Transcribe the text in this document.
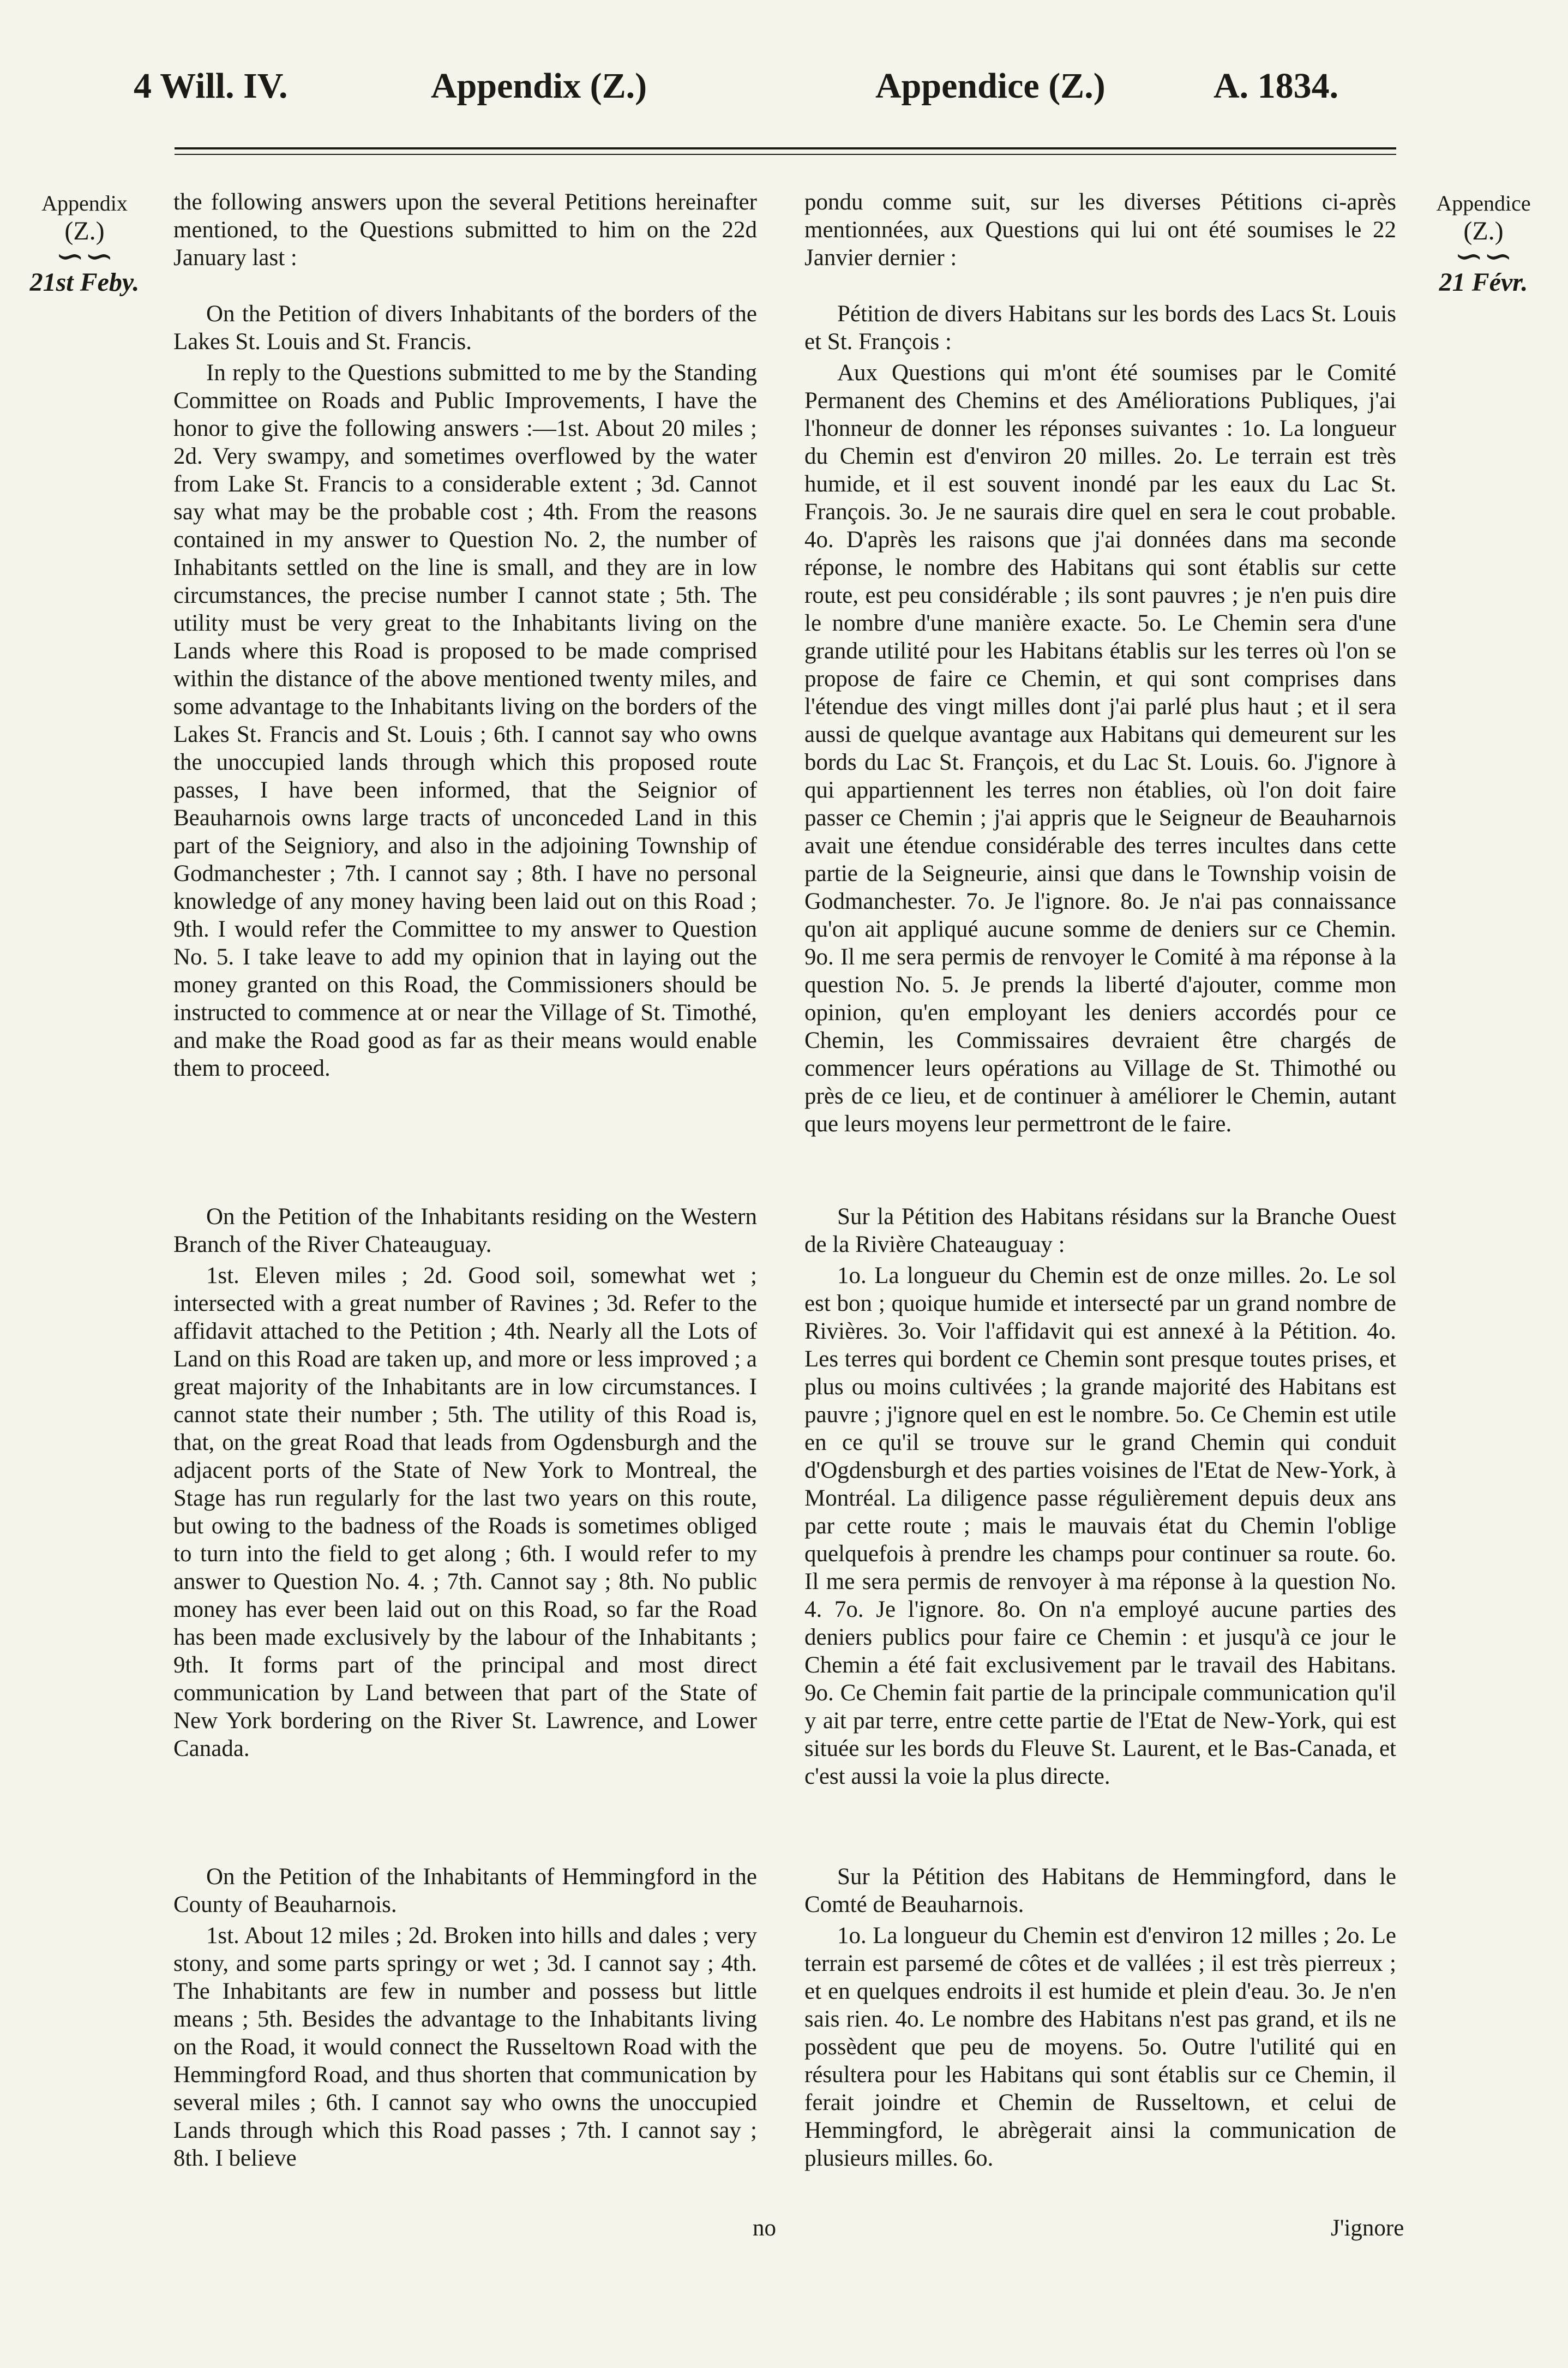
4 Will. IV.	Appendix (Z.)	Appendice (Z.)	A. 1834.
Appendix
(Z.)
∽∽
21st Feby.
Appendice
(Z.)
∽∽
21 Févr.

the following answers upon the several Petitions hereinafter mentioned, to the Questions submitted to him on the 22d January last :

On the Petition of divers Inhabitants of the borders of the Lakes St. Louis and St. Francis.

In reply to the Questions submitted to me by the Standing Committee on Roads and Public Improvements, I have the honor to give the following answers :—1st. About 20 miles ; 2d. Very swampy, and sometimes overflowed by the water from Lake St. Francis to a considerable extent ; 3d. Cannot say what may be the probable cost ; 4th. From the reasons contained in my answer to Question No. 2, the number of Inhabitants settled on the line is small, and they are in low circumstances, the precise number I cannot state ; 5th. The utility must be very great to the Inhabitants living on the Lands where this Road is proposed to be made comprised within the distance of the above mentioned twenty miles, and some advantage to the Inhabitants living on the borders of the Lakes St. Francis and St. Louis ; 6th. I cannot say who owns the unoccupied lands through which this proposed route passes, I have been informed, that the Seignior of Beauharnois owns large tracts of unconceded Land in this part of the Seigniory, and also in the adjoining Township of Godmanchester ; 7th. I cannot say ; 8th. I have no personal knowledge of any money having been laid out on this Road ; 9th. I would refer the Committee to my answer to Question No. 5. I take leave to add my opinion that in laying out the money granted on this Road, the Commissioners should be instructed to commence at or near the Village of St. Timothé, and make the Road good as far as their means would enable them to proceed.

On the Petition of the Inhabitants residing on the Western Branch of the River Chateauguay.

1st. Eleven miles ; 2d. Good soil, somewhat wet ; intersected with a great number of Ravines ; 3d. Refer to the affidavit attached to the Petition ; 4th. Nearly all the Lots of Land on this Road are taken up, and more or less improved ; a great majority of the Inhabitants are in low circumstances. I cannot state their number ; 5th. The utility of this Road is, that, on the great Road that leads from Ogdensburgh and the adjacent ports of the State of New York to Montreal, the Stage has run regularly for the last two years on this route, but owing to the badness of the Roads is sometimes obliged to turn into the field to get along ; 6th. I would refer to my answer to Question No. 4. ; 7th. Cannot say ; 8th. No public money has ever been laid out on this Road, so far the Road has been made exclusively by the labour of the Inhabitants ; 9th. It forms part of the principal and most direct communication by Land between that part of the State of New York bordering on the River St. Lawrence, and Lower Canada.

On the Petition of the Inhabitants of Hemmingford in the County of Beauharnois.

1st. About 12 miles ; 2d. Broken into hills and dales ; very stony, and some parts springy or wet ; 3d. I cannot say ; 4th. The Inhabitants are few in number and possess but little means ; 5th. Besides the advantage to the Inhabitants living on the Road, it would connect the Russeltown Road with the Hemmingford Road, and thus shorten that communication by several miles ; 6th. I cannot say who owns the unoccupied Lands through which this Road passes ; 7th. I cannot say ; 8th. I believe

no

pondu comme suit, sur les diverses Pétitions ci-après mentionnées, aux Questions qui lui ont été soumises le 22 Janvier dernier :

Pétition de divers Habitans sur les bords des Lacs St. Louis et St. François :

Aux Questions qui m'ont été soumises par le Comité Permanent des Chemins et des Améliorations Publiques, j'ai l'honneur de donner les réponses suivantes : 1o. La longueur du Chemin est d'environ 20 milles. 2o. Le terrain est très humide, et il est souvent inondé par les eaux du Lac St. François. 3o. Je ne saurais dire quel en sera le cout probable. 4o. D'après les raisons que j'ai données dans ma seconde réponse, le nombre des Habitans qui sont établis sur cette route, est peu considérable ; ils sont pauvres ; je n'en puis dire le nombre d'une manière exacte. 5o. Le Chemin sera d'une grande utilité pour les Habitans établis sur les terres où l'on se propose de faire ce Chemin, et qui sont comprises dans l'étendue des vingt milles dont j'ai parlé plus haut ; et il sera aussi de quelque avantage aux Habitans qui demeurent sur les bords du Lac St. François, et du Lac St. Louis. 6o. J'ignore à qui appartiennent les terres non établies, où l'on doit faire passer ce Chemin ; j'ai appris que le Seigneur de Beauharnois avait une étendue considérable des terres incultes dans cette partie de la Seigneurie, ainsi que dans le Township voisin de Godmanchester. 7o. Je l'ignore. 8o. Je n'ai pas connaissance qu'on ait appliqué aucune somme de deniers sur ce Chemin. 9o. Il me sera permis de renvoyer le Comité à ma réponse à la question No. 5. Je prends la liberté d'ajouter, comme mon opinion, qu'en employant les deniers accordés pour ce Chemin, les Commissaires devraient être chargés de commencer leurs opérations au Village de St. Thimothé ou près de ce lieu, et de continuer à améliorer le Chemin, autant que leurs moyens leur permettront de le faire.

Sur la Pétition des Habitans résidans sur la Branche Ouest de la Rivière Chateauguay :

1o. La longueur du Chemin est de onze milles. 2o. Le sol est bon ; quoique humide et intersecté par un grand nombre de Rivières. 3o. Voir l'affidavit qui est annexé à la Pétition. 4o. Les terres qui bordent ce Chemin sont presque toutes prises, et plus ou moins cultivées ; la grande majorité des Habitans est pauvre ; j'ignore quel en est le nombre. 5o. Ce Chemin est utile en ce qu'il se trouve sur le grand Chemin qui conduit d'Ogdensburgh et des parties voisines de l'Etat de New-York, à Montréal. La diligence passe régulièrement depuis deux ans par cette route ; mais le mauvais état du Chemin l'oblige quelquefois à prendre les champs pour continuer sa route. 6o. Il me sera permis de renvoyer à ma réponse à la question No. 4. 7o. Je l'ignore. 8o. On n'a employé aucune parties des deniers publics pour faire ce Chemin : et jusqu'à ce jour le Chemin a été fait exclusivement par le travail des Habitans. 9o. Ce Chemin fait partie de la principale communication qu'il y ait par terre, entre cette partie de l'Etat de New-York, qui est située sur les bords du Fleuve St. Laurent, et le Bas-Canada, et c'est aussi la voie la plus directe.

Sur la Pétition des Habitans de Hemmingford, dans le Comté de Beauharnois.

1o. La longueur du Chemin est d'environ 12 milles ; 2o. Le terrain est parsemé de côtes et de vallées ; il est très pierreux ; et en quelques endroits il est humide et plein d'eau. 3o. Je n'en sais rien. 4o. Le nombre des Habitans n'est pas grand, et ils ne possèdent que peu de moyens. 5o. Outre l'utilité qui en résultera pour les Habitans qui sont établis sur ce Chemin, il ferait joindre et Chemin de Russeltown, et celui de Hemmingford, le abrègerait ainsi la communication de plusieurs milles. 6o.

J'ignore
